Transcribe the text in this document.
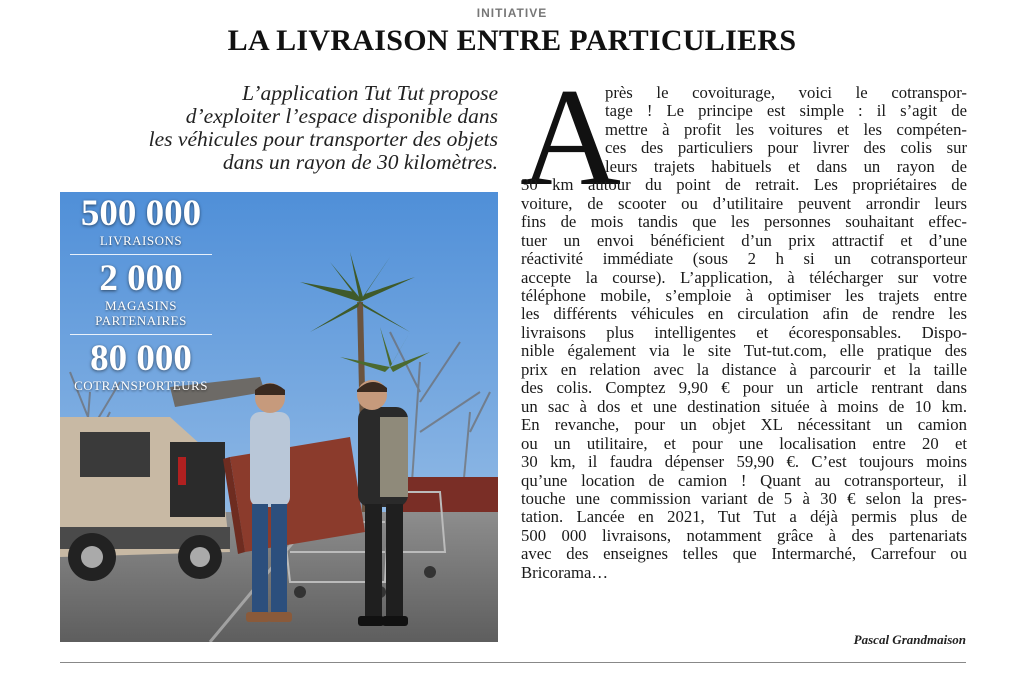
INITIATIVE
LA LIVRAISON ENTRE PARTICULIERS
L’application Tut Tut propose
d’exploiter l’espace disponible dans
les véhicules pour transporter des objets
dans un rayon de 30 kilomètres.
500 000
LIVRAISONS
2 000
MAGASINS
PARTENAIRES
80 000
COTRANSPORTEURS
A
près le covoiturage, voici le cotranspor-
tage ! Le principe est simple : il s’agit de
mettre à profit les voitures et les compéten-
ces des particuliers pour livrer des colis sur
leurs trajets habituels et dans un rayon de
30 km autour du point de retrait. Les propriétaires de
voiture, de scooter ou d’utilitaire peuvent arrondir leurs
fins de mois tandis que les personnes souhaitant effec-
tuer un envoi bénéficient d’un prix attractif et d’une
réactivité immédiate (sous 2 h si un cotransporteur
accepte la course). L’application, à télécharger sur votre
téléphone mobile, s’emploie à optimiser les trajets entre
les différents véhicules en circulation afin de rendre les
livraisons plus intelligentes et écoresponsables. Dispo-
nible également via le site Tut-tut.com, elle pratique des
prix en relation avec la distance à parcourir et la taille
des colis. Comptez 9,90 € pour un article rentrant dans
un sac à dos et une destination située à moins de 10 km.
En revanche, pour un objet XL nécessitant un camion
ou un utilitaire, et pour une localisation entre 20 et
30 km, il faudra dépenser 59,90 €. C’est toujours moins
qu’une location de camion ! Quant au cotransporteur, il
touche une commission variant de 5 à 30 € selon la pres-
tation. Lancée en 2021, Tut Tut a déjà permis plus de
500 000 livraisons, notamment grâce à des partenariats
avec des enseignes telles que Intermarché, Carrefour ou
Bricorama…
Pascal Grandmaison
